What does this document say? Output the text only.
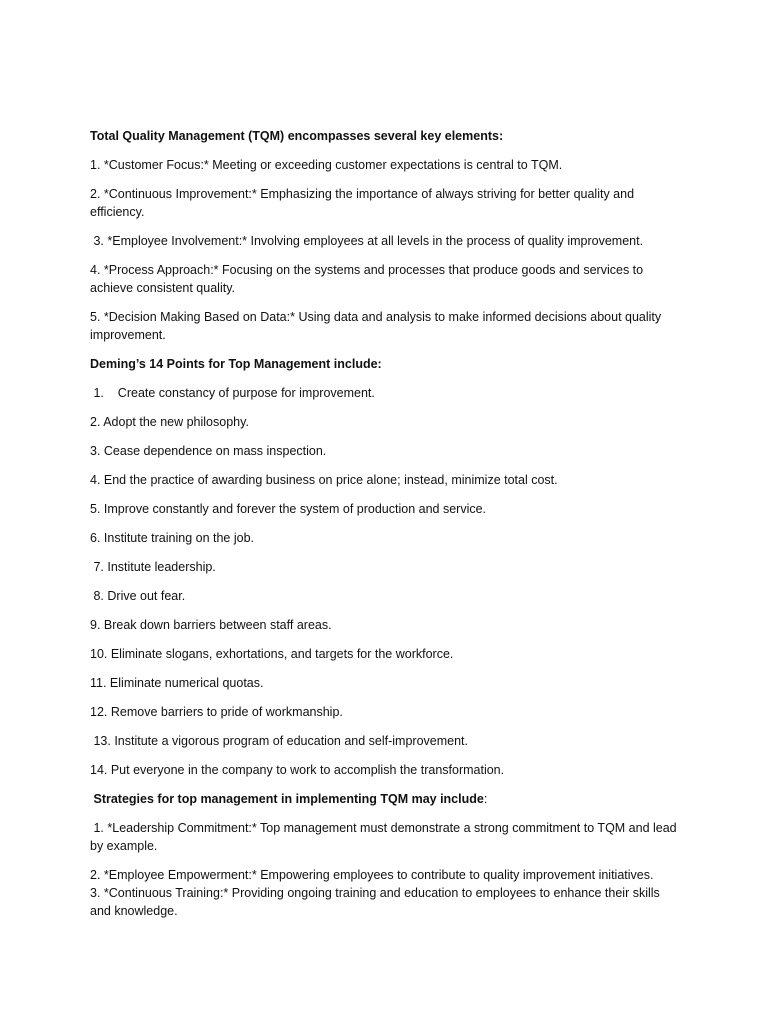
Total Quality Management (TQM) encompasses several key elements:

1. *Customer Focus:* Meeting or exceeding customer expectations is central to TQM.

2. *Continuous Improvement:* Emphasizing the importance of always striving for better quality and efficiency.

3. *Employee Involvement:* Involving employees at all levels in the process of quality improvement.

4. *Process Approach:* Focusing on the systems and processes that produce goods and services to achieve consistent quality.

5. *Decision Making Based on Data:* Using data and analysis to make informed decisions about quality improvement.

Deming’s 14 Points for Top Management include:

1.    Create constancy of purpose for improvement.

2. Adopt the new philosophy.

3. Cease dependence on mass inspection.

4. End the practice of awarding business on price alone; instead, minimize total cost.

5. Improve constantly and forever the system of production and service.

6. Institute training on the job.

7. Institute leadership.

8. Drive out fear.

9. Break down barriers between staff areas.

10. Eliminate slogans, exhortations, and targets for the workforce.

11. Eliminate numerical quotas.

12. Remove barriers to pride of workmanship.

13. Institute a vigorous program of education and self-improvement.

14. Put everyone in the company to work to accomplish the transformation.

Strategies for top management in implementing TQM may include:

1. *Leadership Commitment:* Top management must demonstrate a strong commitment to TQM and lead by example.

2. *Employee Empowerment:* Empowering employees to contribute to quality improvement initiatives.

3. *Continuous Training:* Providing ongoing training and education to employees to enhance their skills and knowledge.
